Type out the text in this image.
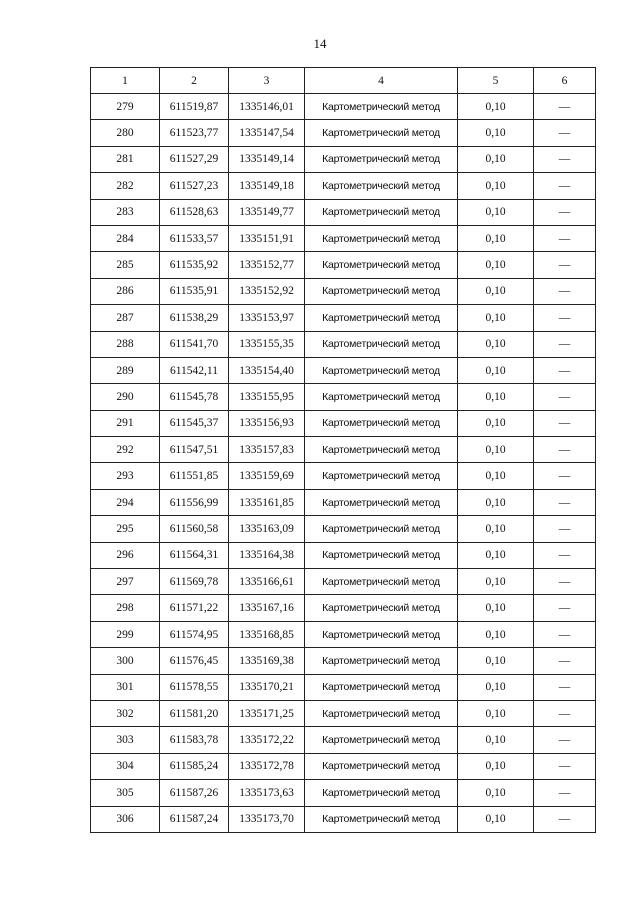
14
1	2	3	4	5	6
279	611519,87	1335146,01	Картометрический метод	0,10	—
280	611523,77	1335147,54	Картометрический метод	0,10	—
281	611527,29	1335149,14	Картометрический метод	0,10	—
282	611527,23	1335149,18	Картометрический метод	0,10	—
283	611528,63	1335149,77	Картометрический метод	0,10	—
284	611533,57	1335151,91	Картометрический метод	0,10	—
285	611535,92	1335152,77	Картометрический метод	0,10	—
286	611535,91	1335152,92	Картометрический метод	0,10	—
287	611538,29	1335153,97	Картометрический метод	0,10	—
288	611541,70	1335155,35	Картометрический метод	0,10	—
289	611542,11	1335154,40	Картометрический метод	0,10	—
290	611545,78	1335155,95	Картометрический метод	0,10	—
291	611545,37	1335156,93	Картометрический метод	0,10	—
292	611547,51	1335157,83	Картометрический метод	0,10	—
293	611551,85	1335159,69	Картометрический метод	0,10	—
294	611556,99	1335161,85	Картометрический метод	0,10	—
295	611560,58	1335163,09	Картометрический метод	0,10	—
296	611564,31	1335164,38	Картометрический метод	0,10	—
297	611569,78	1335166,61	Картометрический метод	0,10	—
298	611571,22	1335167,16	Картометрический метод	0,10	—
299	611574,95	1335168,85	Картометрический метод	0,10	—
300	611576,45	1335169,38	Картометрический метод	0,10	—
301	611578,55	1335170,21	Картометрический метод	0,10	—
302	611581,20	1335171,25	Картометрический метод	0,10	—
303	611583,78	1335172,22	Картометрический метод	0,10	—
304	611585,24	1335172,78	Картометрический метод	0,10	—
305	611587,26	1335173,63	Картометрический метод	0,10	—
306	611587,24	1335173,70	Картометрический метод	0,10	—
